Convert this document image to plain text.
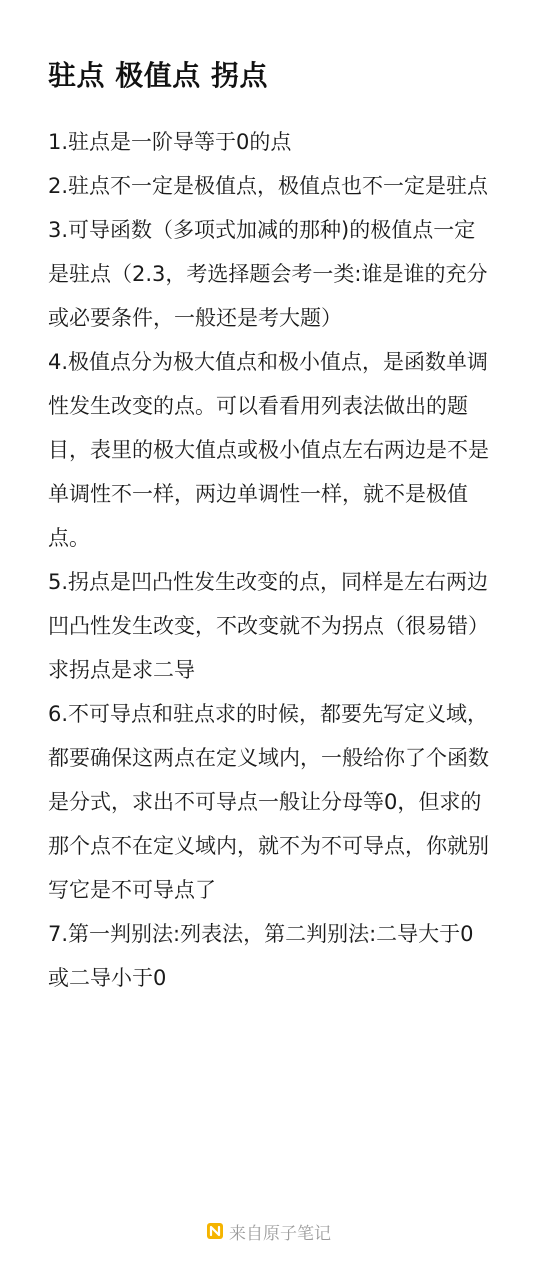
驻点 极值点 拐点

1.驻点是一阶导等于0的点

2.驻点不一定是极值点，极值点也不一定是驻点

3.可导函数（多项式加减的那种)的极值点一定是驻点（2.3，考选择题会考一类:谁是谁的充分或必要条件，一般还是考大题）

4.极值点分为极大值点和极小值点，是函数单调性发生改变的点。可以看看用列表法做出的题目，表里的极大值点或极小值点左右两边是不是单调性不一样，两边单调性一样，就不是极值点。

5.拐点是凹凸性发生改变的点，同样是左右两边凹凸性发生改变，不改变就不为拐点（很易错）求拐点是求二导

6.不可导点和驻点求的时候，都要先写定义域，都要确保这两点在定义域内，一般给你了个函数是分式，求出不可导点一般让分母等0，但求的那个点不在定义域内，就不为不可导点，你就别写它是不可导点了

7.第一判别法:列表法，第二判别法:二导大于0或二导小于0

来自原子笔记
